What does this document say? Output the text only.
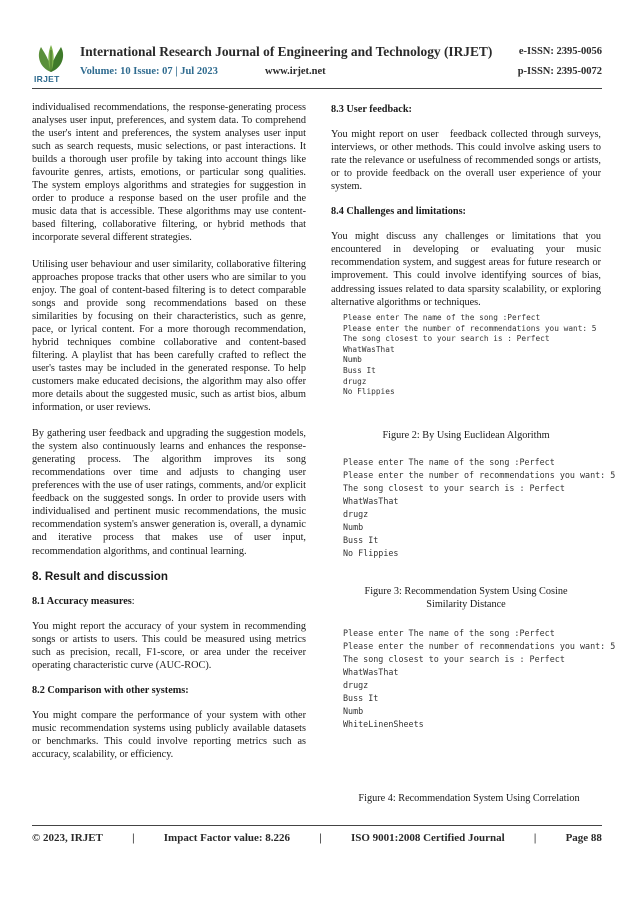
IRJET
International Research Journal of Engineering and Technology (IRJET)	e-ISSN: 2395-0056
Volume: 10 Issue: 07 | Jul 2023	www.irjet.net	p-ISSN: 2395-0072

individualised recommendations, the response-generating process analyses user input, preferences, and system data. To comprehend the user's intent and preferences, the system analyses user input such as search requests, music selections, or past interactions. It builds a thorough user profile by taking into account things like favourite genres, artists, emotions, or particular song qualities. The system employs algorithms and strategies for suggestion in order to produce a response based on the user profile and the music data that is accessible. These algorithms may use content-based filtering, collaborative filtering, or hybrid methods that incorporate several different strategies.

Utilising user behaviour and user similarity, collaborative filtering approaches propose tracks that other users who are similar to you enjoy. The goal of content-based filtering is to detect comparable songs and provide song recommendations based on these similarities by focusing on their characteristics, such as genre, pace, or lyrical content. For a more thorough recommendation, hybrid techniques combine collaborative and content-based filtering. A playlist that has been carefully crafted to reflect the user's tastes may be included in the generated response. To help customers make educated decisions, the algorithm may also offer more details about the suggested music, such as artist bios, album information, or user reviews.

By gathering user feedback and upgrading the suggestion models, the system also continuously learns and enhances the response-generating process. The algorithm improves its song recommendations over time and adjusts to changing user preferences with the use of user ratings, comments, and/or explicit feedback on the suggested songs. In order to provide users with individualised and pertinent music recommendations, the music recommendation system's answer generation is, overall, a dynamic and iterative process that makes use of user input, recommendation algorithms, and continual learning.

8. Result and discussion
8.1 Accuracy measures:

You might report the accuracy of your system in recommending songs or artists to users. This could be measured using metrics such as precision, recall, F1-score, or area under the receiver operating characteristic curve (AUC-ROC).

8.2 Comparison with other systems:

You might compare the performance of your system with other music recommendation systems using publicly available datasets or benchmarks. This could involve reporting metrics such as accuracy, scalability, or efficiency.

8.3 User feedback:

You might report on user   feedback collected through surveys, interviews, or other methods. This could involve asking users to rate the relevance or usefulness of recommended songs or artists, or to provide feedback on the overall user experience of your system.

8.4 Challenges and limitations:

You might discuss any challenges or limitations that you encountered in developing or evaluating your music recommendation system, and suggest areas for future research or improvement. This could involve identifying sources of bias, addressing issues related to data sparsity scalability, or exploring alternative algorithms or techniques.

Please enter The name of the song :Perfect
Please enter the number of recommendations you want: 5
The song closest to your search is : Perfect
WhatWasThat
Numb
Buss It
drugz
No Flippies
Figure 2: By Using Euclidean Algorithm
Please enter The name of the song :Perfect
Please enter the number of recommendations you want: 5
The song closest to your search is : Perfect
WhatWasThat
drugz
Numb
Buss It
No Flippies
Figure 3: Recommendation System Using Cosine
Similarity Distance
Please enter The name of the song :Perfect
Please enter the number of recommendations you want: 5
The song closest to your search is : Perfect
WhatWasThat
drugz
Buss It
Numb
WhiteLinenSheets
Figure 4: Recommendation System Using Correlation
© 2023, IRJET	|	Impact Factor value: 8.226	|	ISO 9001:2008 Certified Journal	|	Page 88
